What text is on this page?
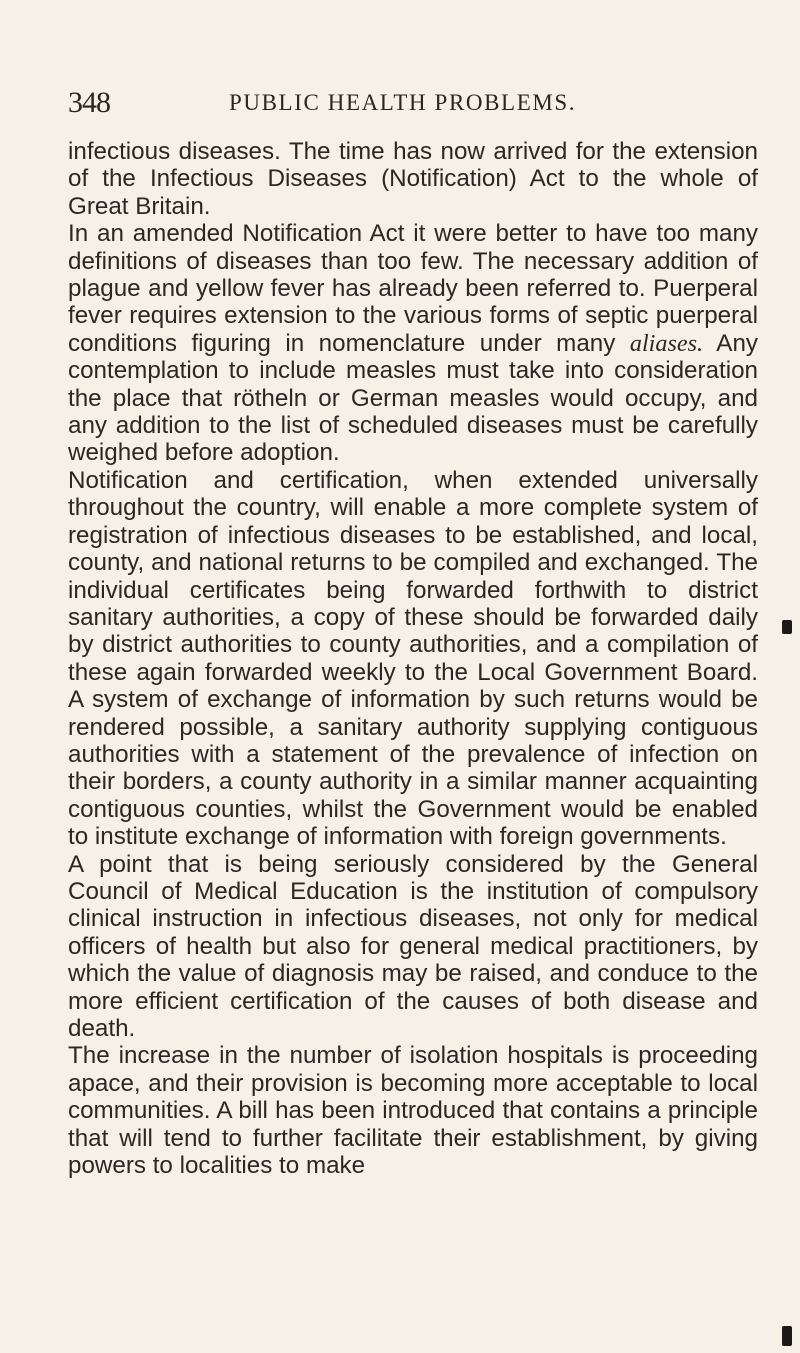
348	PUBLIC HEALTH PROBLEMS.

infectious diseases. The time has now arrived for the extension of the Infectious Diseases (Notification) Act to the whole of Great Britain.

In an amended Notification Act it were better to have too many definitions of diseases than too few. The necessary addition of plague and yellow fever has already been referred to. Puerperal fever requires extension to the various forms of septic puerperal conditions figuring in nomenclature under many aliases. Any contemplation to include measles must take into consideration the place that rötheln or German measles would occupy, and any addition to the list of scheduled diseases must be carefully weighed before adoption.

Notification and certification, when extended universally throughout the country, will enable a more complete system of registration of infectious diseases to be established, and local, county, and national returns to be compiled and exchanged. The individual certificates being forwarded forthwith to district sanitary authorities, a copy of these should be forwarded daily by district authorities to county authorities, and a compilation of these again forwarded weekly to the Local Government Board. A system of exchange of information by such returns would be rendered possible, a sanitary authority supplying contiguous authorities with a statement of the prevalence of infection on their borders, a county authority in a similar manner acquainting contiguous counties, whilst the Government would be enabled to institute exchange of information with foreign governments.

A point that is being seriously considered by the General Council of Medical Education is the institution of compulsory clinical instruction in infectious diseases, not only for medical officers of health but also for general medical practitioners, by which the value of diagnosis may be raised, and conduce to the more efficient certification of the causes of both disease and death.

The increase in the number of isolation hospitals is proceeding apace, and their provision is becoming more acceptable to local communities. A bill has been introduced that contains a principle that will tend to further facilitate their establishment, by giving powers to localities to make
